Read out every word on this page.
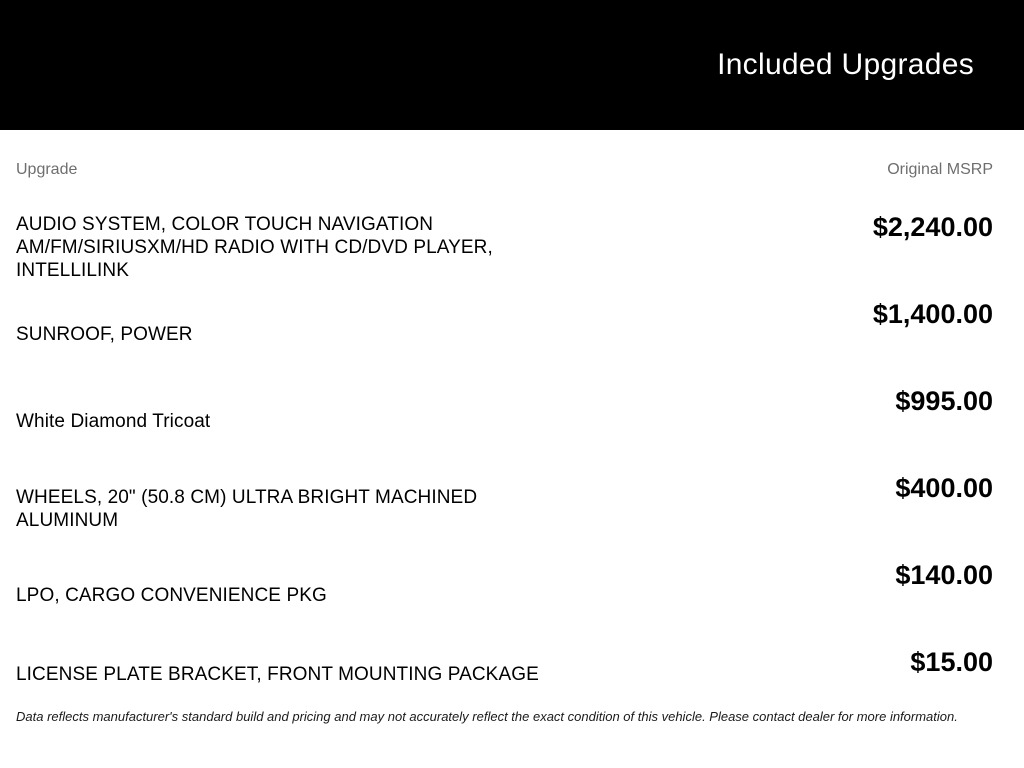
Included Upgrades
Upgrade	Original MSRP
AUDIO SYSTEM, COLOR TOUCH NAVIGATION AM/FM/SIRIUSXM/HD RADIO WITH CD/DVD PLAYER, INTELLILINK
$2,240.00
SUNROOF, POWER
$1,400.00
White Diamond Tricoat
$995.00
WHEELS, 20" (50.8 CM) ULTRA BRIGHT MACHINED ALUMINUM
$400.00
LPO, CARGO CONVENIENCE PKG
$140.00
LICENSE PLATE BRACKET, FRONT MOUNTING PACKAGE	$15.00

Data reflects manufacturer's standard build and pricing and may not accurately reflect the exact condition of this vehicle. Please contact dealer for more information.
